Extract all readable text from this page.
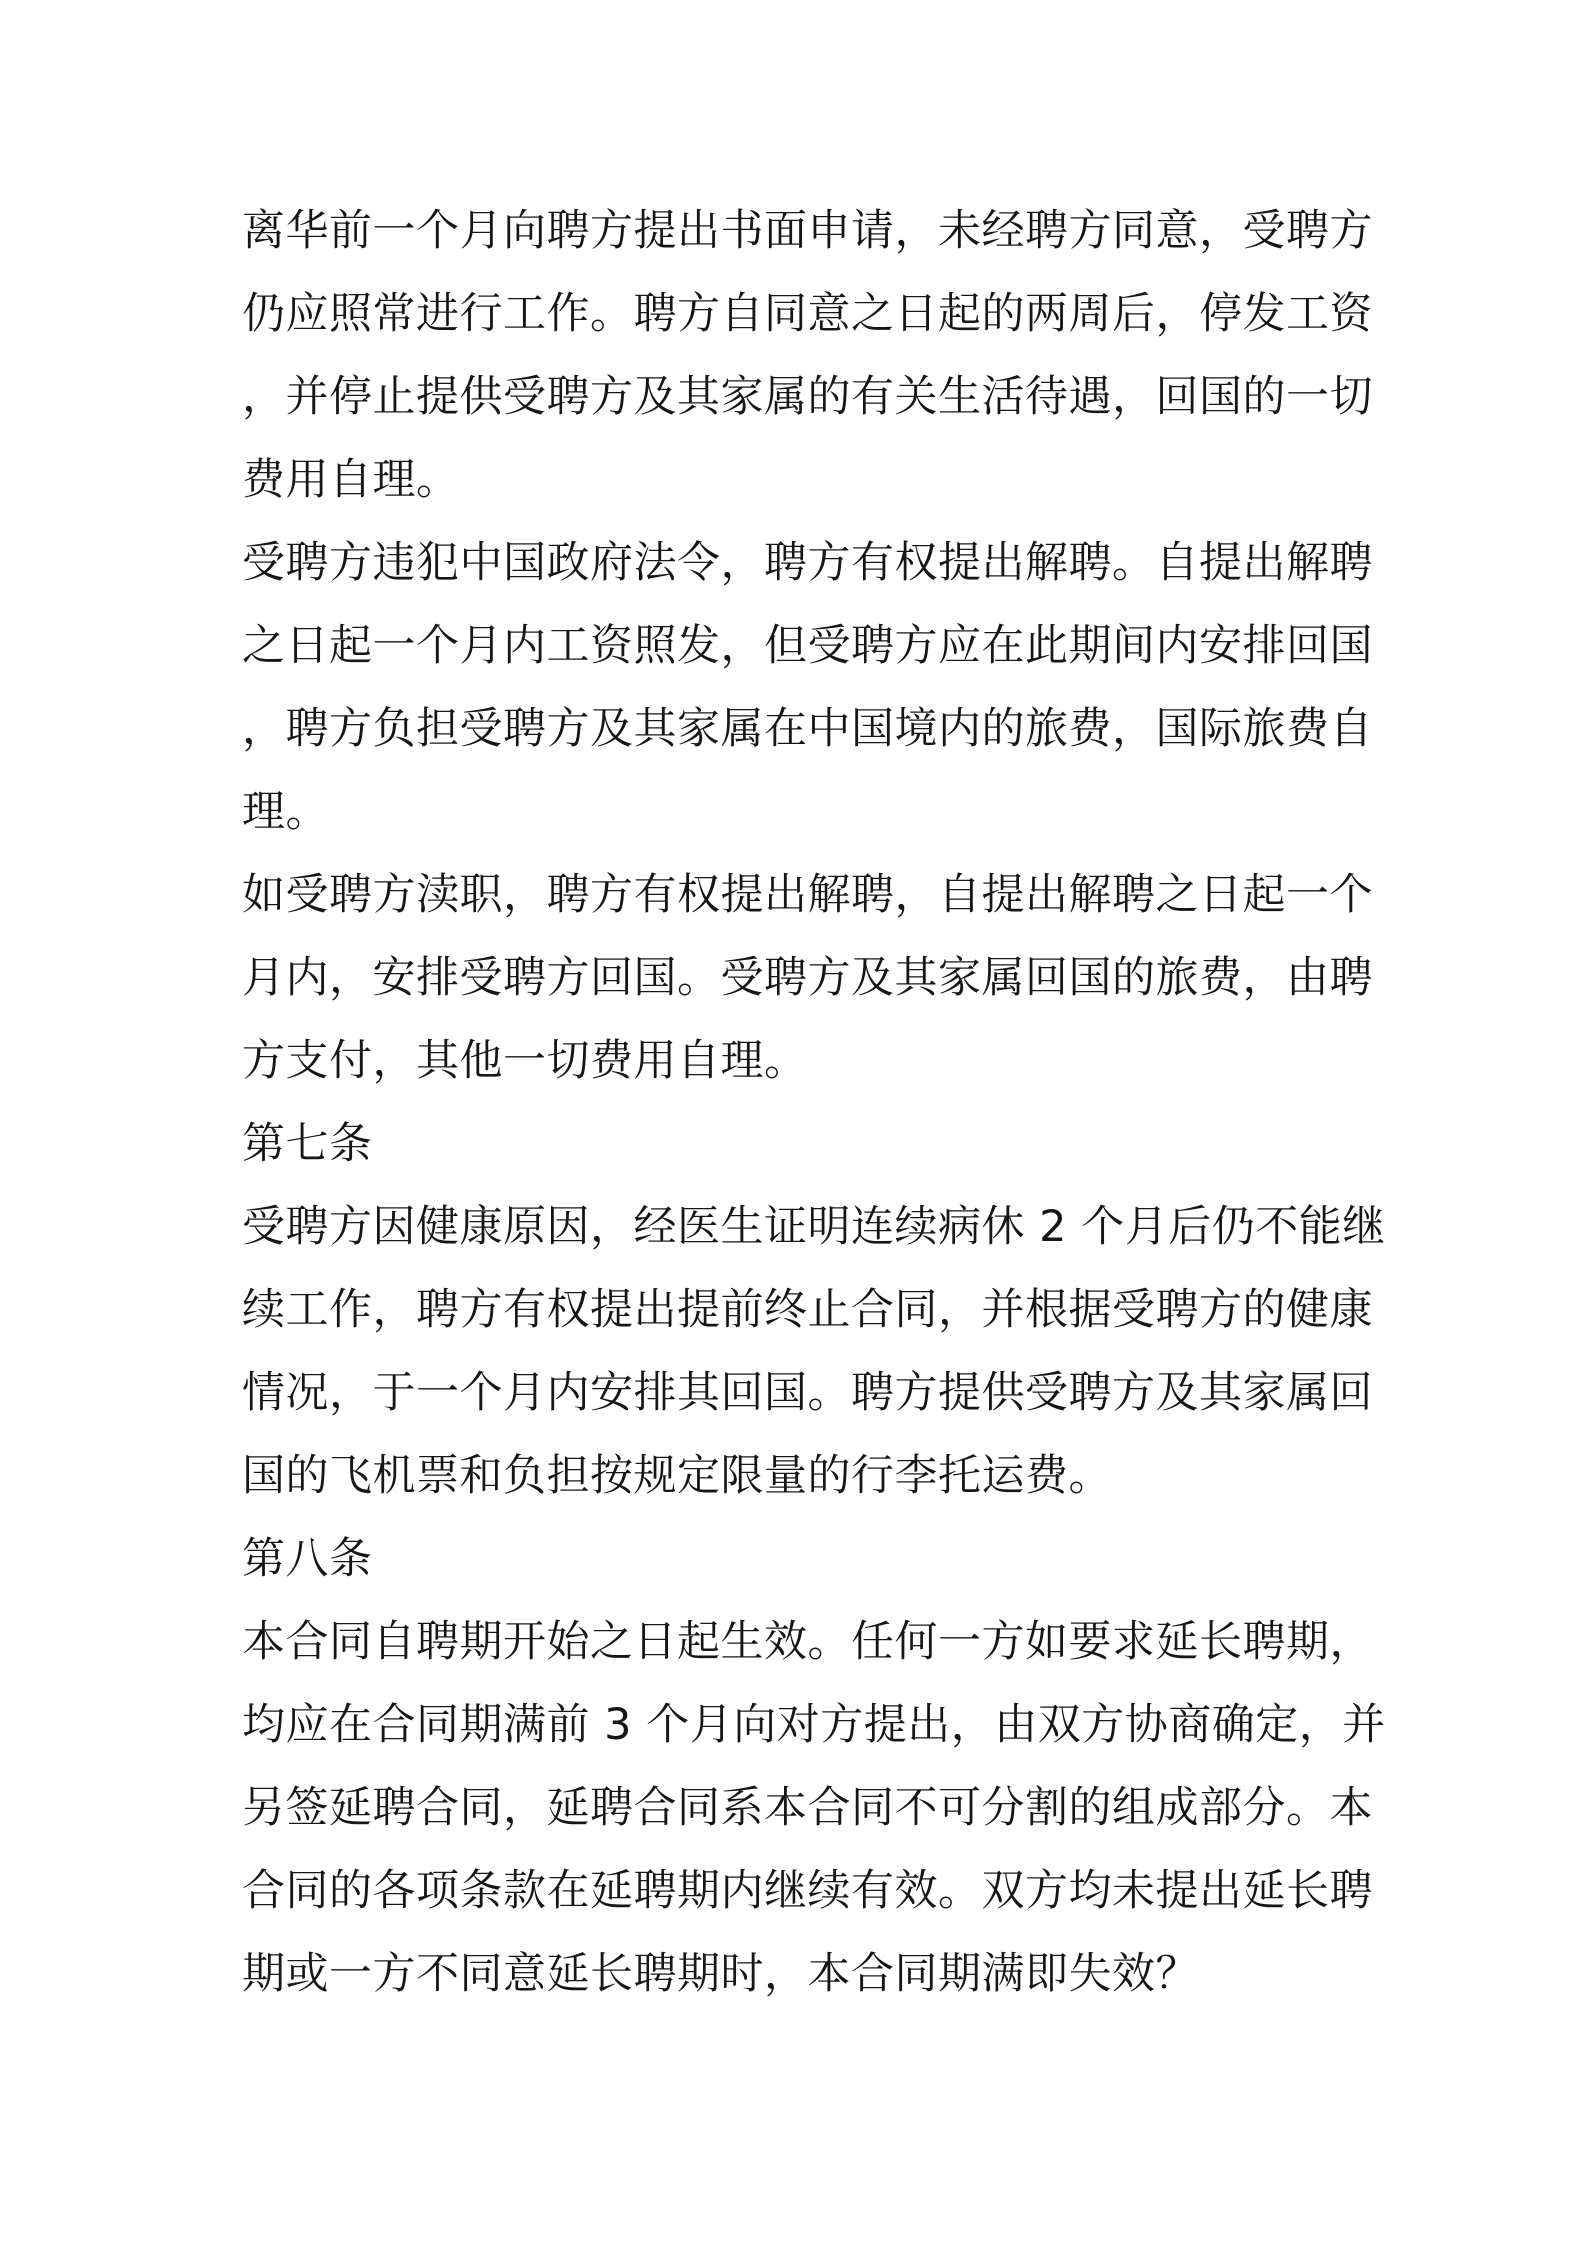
离华前一个月向聘方提出书面申请，未经聘方同意，受聘方
仍应照常进行工作。聘方自同意之日起的两周后，停发工资
，并停止提供受聘方及其家属的有关生活待遇，回国的一切
费用自理。
受聘方违犯中国政府法令，聘方有权提出解聘。自提出解聘
之日起一个月内工资照发，但受聘方应在此期间内安排回国
，聘方负担受聘方及其家属在中国境内的旅费，国际旅费自
理。
如受聘方渎职，聘方有权提出解聘，自提出解聘之日起一个
月内，安排受聘方回国。受聘方及其家属回国的旅费，由聘
方支付，其他一切费用自理。
第七条
受聘方因健康原因，经医生证明连续病休 2 个月后仍不能继
续工作，聘方有权提出提前终止合同，并根据受聘方的健康
情况，于一个月内安排其回国。聘方提供受聘方及其家属回
国的飞机票和负担按规定限量的行李托运费。
第八条
本合同自聘期开始之日起生效。任何一方如要求延长聘期，
均应在合同期满前 3 个月向对方提出，由双方协商确定，并
另签延聘合同，延聘合同系本合同不可分割的组成部分。本
合同的各项条款在延聘期内继续有效。双方均未提出延长聘
期或一方不同意延长聘期时，本合同期满即失效？
